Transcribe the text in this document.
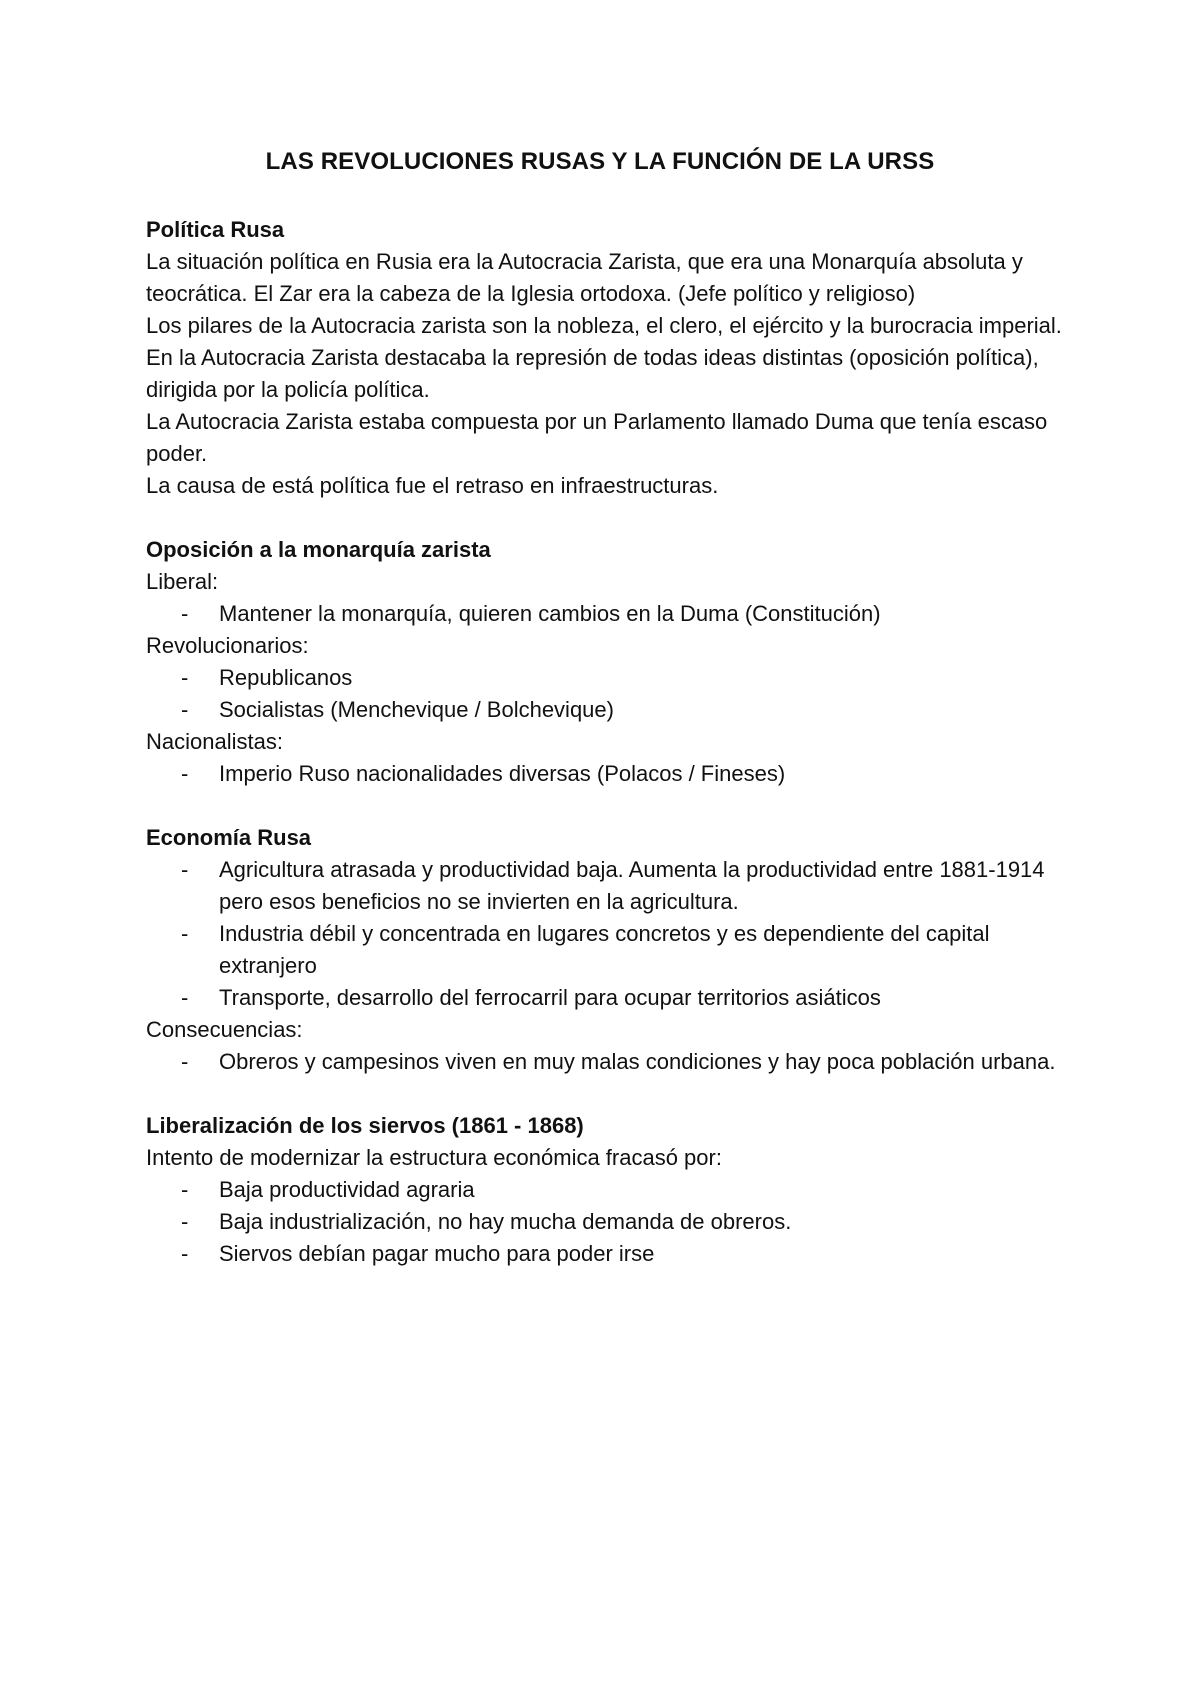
LAS REVOLUCIONES RUSAS Y LA FUNCIÓN DE LA URSS

Política Rusa

La situación política en Rusia era la Autocracia Zarista, que era una Monarquía absoluta y teocrática. El Zar era la cabeza de la Iglesia ortodoxa. (Jefe político y religioso)

Los pilares de la Autocracia zarista son la nobleza, el clero, el ejército y la burocracia imperial.

En la Autocracia Zarista destacaba la represión de todas ideas distintas (oposición política), dirigida por la policía política.

La Autocracia Zarista estaba compuesta por un Parlamento llamado Duma que tenía escaso poder.

La causa de está política fue el retraso en infraestructuras.

Oposición a la monarquía zarista

Liberal:

- Mantener la monarquía, quieren cambios en la Duma (Constitución)

Revolucionarios:

- Republicanos
- Socialistas (Menchevique / Bolchevique)

Nacionalistas:

- Imperio Ruso nacionalidades diversas (Polacos / Fineses)

Economía Rusa

- Agricultura atrasada y productividad baja. Aumenta la productividad entre 1881-1914 pero esos beneficios no se invierten en la agricultura.
- Industria débil y concentrada en lugares concretos y es dependiente del capital extranjero
- Transporte, desarrollo del ferrocarril para ocupar territorios asiáticos

Consecuencias:

- Obreros y campesinos viven en muy malas condiciones y hay poca población urbana.

Liberalización de los siervos (1861 - 1868)

Intento de modernizar la estructura económica fracasó por:

- Baja productividad agraria
- Baja industrialización, no hay mucha demanda de obreros.
- Siervos debían pagar mucho para poder irse
